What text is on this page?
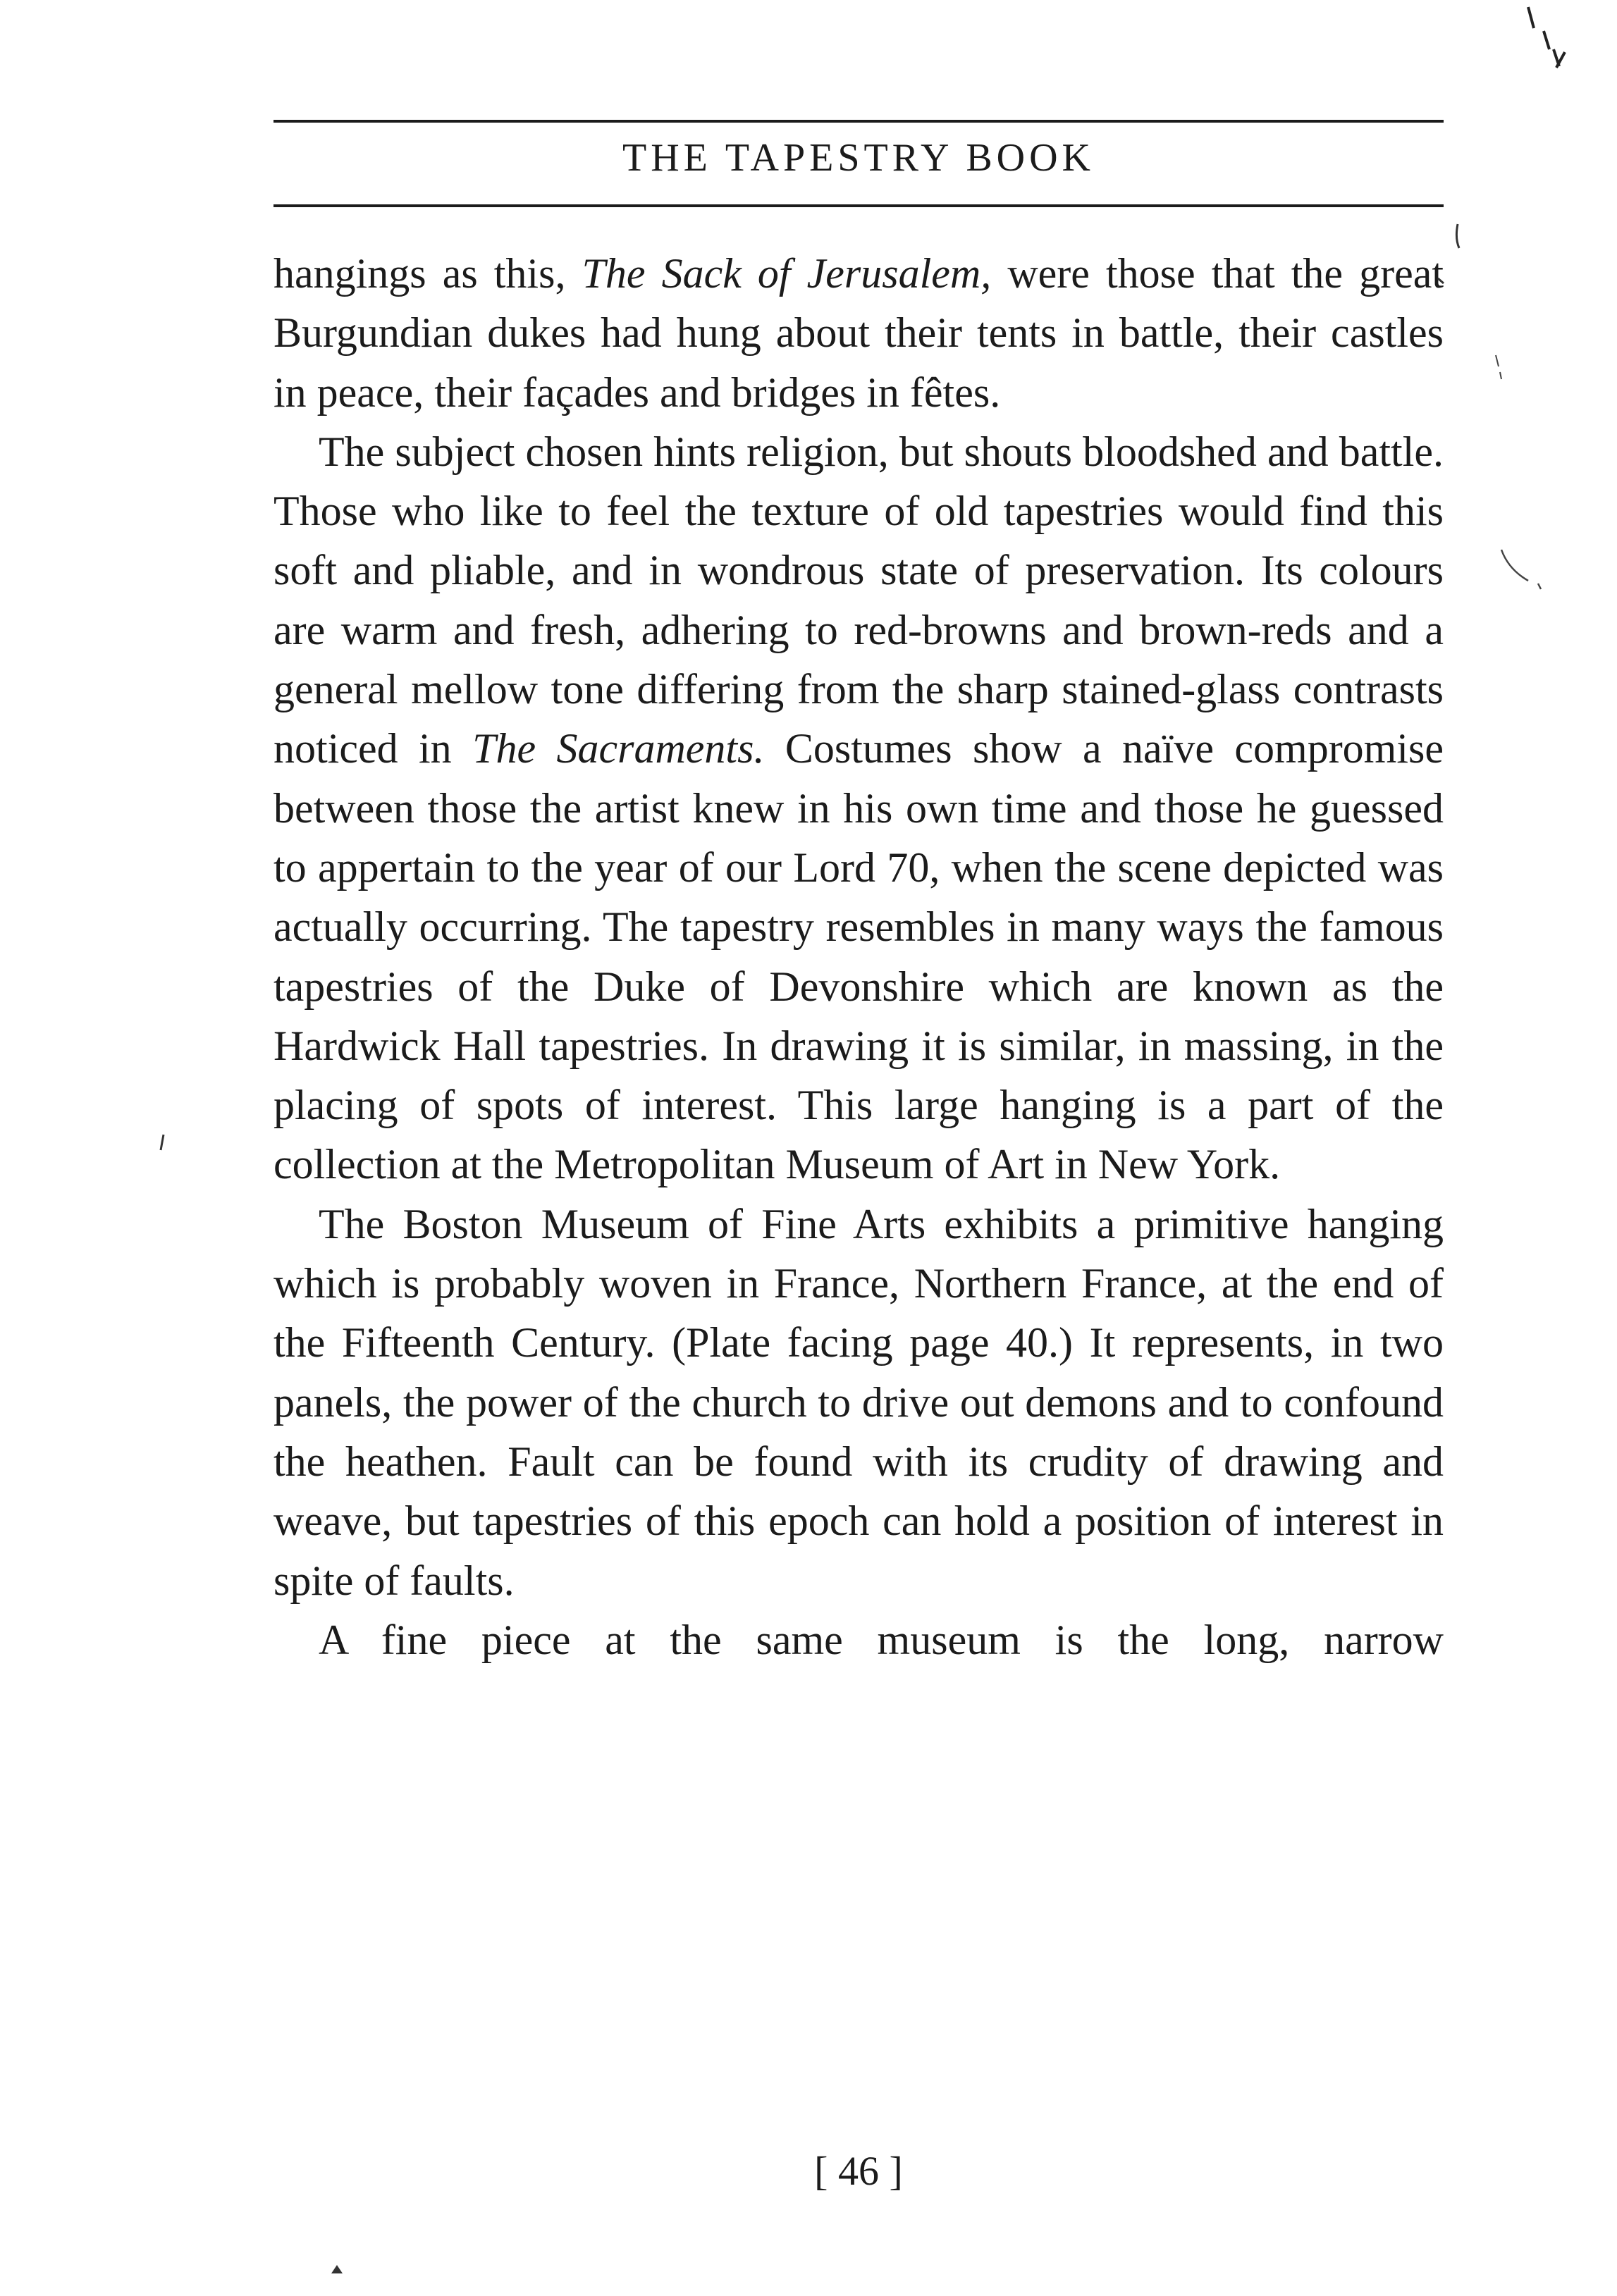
THE TAPESTRY BOOK

hangings as this, The Sack of Jerusalem, were those that the great Burgundian dukes had hung about their tents in battle, their castles in peace, their façades and bridges in fêtes.

The subject chosen hints religion, but shouts bloodshed and battle. Those who like to feel the texture of old tapestries would find this soft and pliable, and in wondrous state of preservation. Its colours are warm and fresh, adhering to red-browns and brown-reds and a general mellow tone differing from the sharp stained-glass contrasts noticed in The Sacraments. Costumes show a naïve compromise between those the artist knew in his own time and those he guessed to appertain to the year of our Lord 70, when the scene depicted was actually occurring. The tapestry resembles in many ways the famous tapestries of the Duke of Devonshire which are known as the Hardwick Hall tapestries. In drawing it is similar, in massing, in the placing of spots of interest. This large hanging is a part of the collection at the Metropolitan Museum of Art in New York.

The Boston Museum of Fine Arts exhibits a primitive hanging which is probably woven in France, Northern France, at the end of the Fifteenth Century. (Plate facing page 40.) It represents, in two panels, the power of the church to drive out demons and to confound the heathen. Fault can be found with its crudity of drawing and weave, but tapestries of this epoch can hold a position of interest in spite of faults.

A fine piece at the same museum is the long, narrow

[ 46 ]
